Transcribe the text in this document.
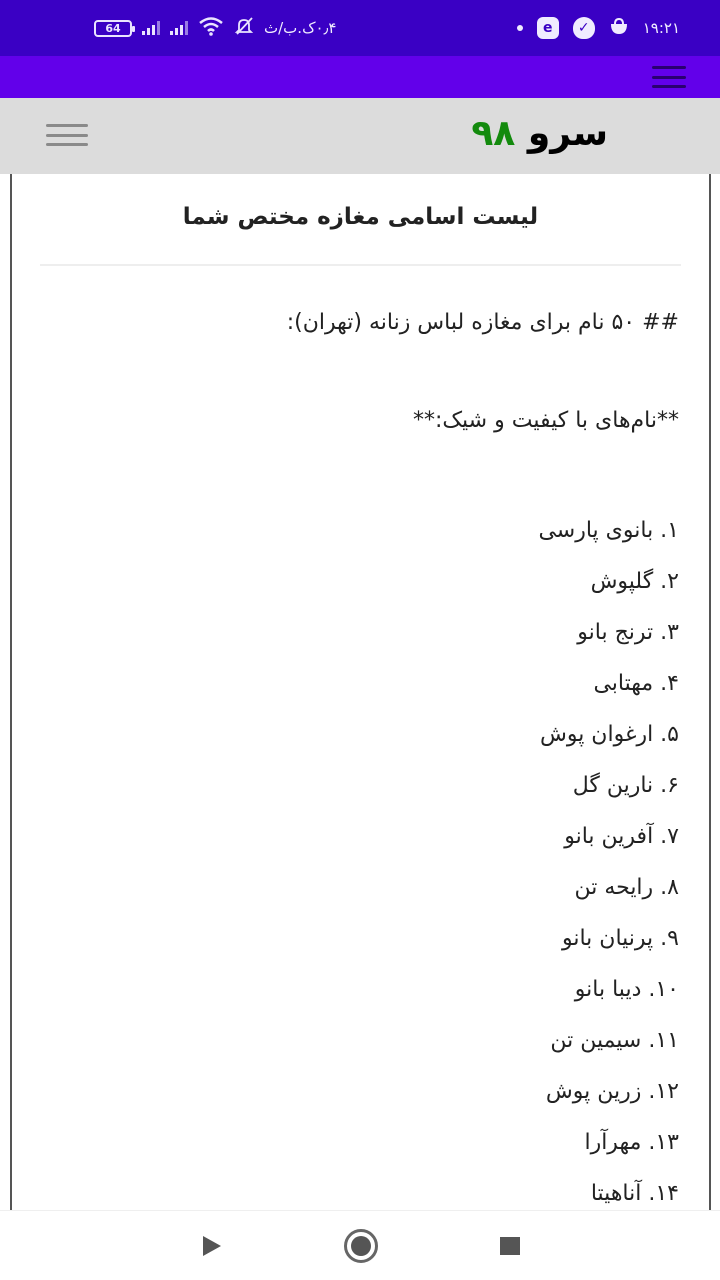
64	۰٫۴ک.ب/ث	e	✓	۱۹:۲۱
سرو ۹۸
لیست اسامی مغازه مختص شما

## ۵۰ نام برای مغازه لباس زنانه (تهران):

**نام‌های با کیفیت و شیک:**

۱. بانوی پارسی
۲. گلپوش
۳. ترنج بانو
۴. مهتابی
۵. ارغوان پوش
۶. نارین گل
۷. آفرین بانو
۸. رایحه تن
۹. پرنیان بانو
۱۰. دیبا بانو
۱۱. سیمین تن
۱۲. زرین پوش
۱۳. مهرآرا
۱۴. آناهیتا
